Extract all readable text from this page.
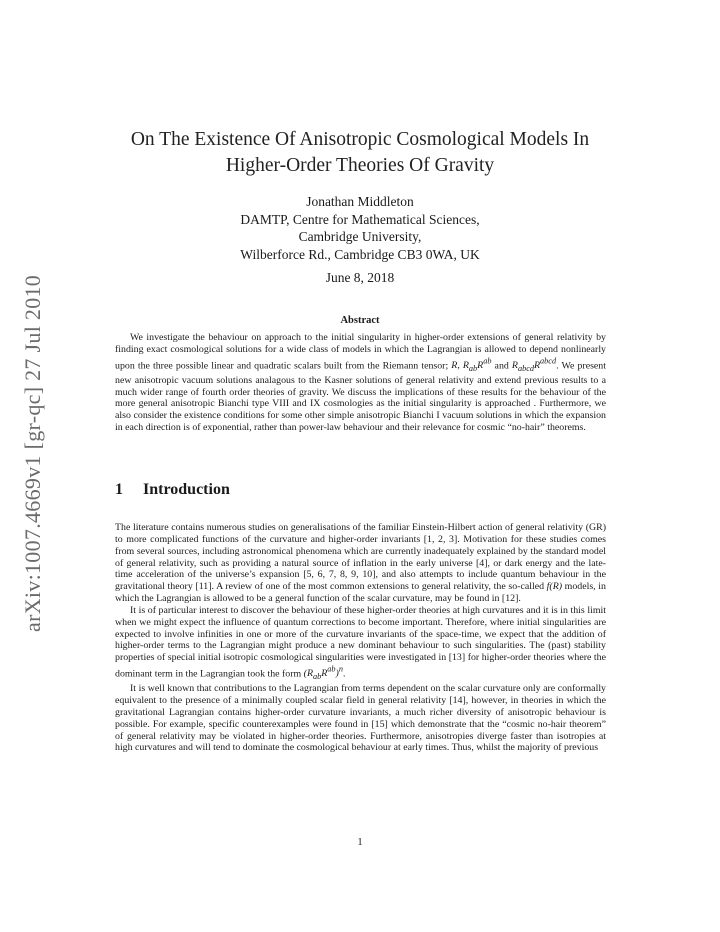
arXiv:1007.4669v1 [gr-qc] 27 Jul 2010
On The Existence Of Anisotropic Cosmological Models In
Higher-Order Theories Of Gravity
Jonathan Middleton
DAMTP, Centre for Mathematical Sciences,
Cambridge University,
Wilberforce Rd., Cambridge CB3 0WA, UK
June 8, 2018
Abstract
We investigate the behaviour on approach to the initial singularity in higher-order extensions of general relativity by finding exact cosmological solutions for a wide class of models in which the Lagrangian is allowed to depend nonlinearly upon the three possible linear and quadratic scalars built from the Riemann tensor; R, $R_{ab}R^{ab}$ and $R_{abcd}R^{abcd}$. We present new anisotropic vacuum solutions analagous to the Kasner solutions of general relativity and extend previous results to a much wider range of fourth order theories of gravity. We discuss the implications of these results for the behaviour of the more general anisotropic Bianchi type VIII and IX cosmologies as the initial singularity is approached . Furthermore, we also consider the existence conditions for some other simple anisotropic Bianchi I vacuum solutions in which the expansion in each direction is of exponential, rather than power-law behaviour and their relevance for cosmic “no-hair” theorems.
1 Introduction

The literature contains numerous studies on generalisations of the familiar Einstein-Hilbert action of general relativity (GR) to more complicated functions of the curvature and higher-order invariants [1, 2, 3]. Motivation for these studies comes from several sources, including astronomical phenomena which are currently inadequately explained by the standard model of general relativity, such as providing a natural source of inflation in the early universe [4], or dark energy and the late-time acceleration of the universe’s expansion [5, 6, 7, 8, 9, 10], and also attempts to include quantum behaviour in the gravitational theory [11]. A review of one of the most common extensions to general relativity, the so-called f(R) models, in which the Lagrangian is allowed to be a general function of the scalar curvature, may be found in [12].

It is of particular interest to discover the behaviour of these higher-order theories at high curvatures and it is in this limit when we might expect the influence of quantum corrections to become important. Therefore, where initial singularities are expected to involve infinities in one or more of the curvature invariants of the space-time, we expect that the addition of higher-order terms to the Lagrangian might produce a new dominant behaviour to such singularities. The (past) stability properties of special initial isotropic cosmological singularities were investigated in [13] for higher-order theories where the dominant term in the Lagrangian took the form $(R_{ab}R^{ab})^n$.

It is well known that contributions to the Lagrangian from terms dependent on the scalar curvature only are conformally equivalent to the presence of a minimally coupled scalar field in general relativity [14], however, in theories in which the gravitational Lagrangian contains higher-order curvature invariants, a much richer diversity of anisotropic behaviour is possible. For example, specific counterexamples were found in [15] which demonstrate that the “cosmic no-hair theorem” of general relativity may be violated in higher-order theories. Furthermore, anisotropies diverge faster than isotropies at high curvatures and will tend to dominate the cosmological behaviour at early times. Thus, whilst the majority of previous

1
